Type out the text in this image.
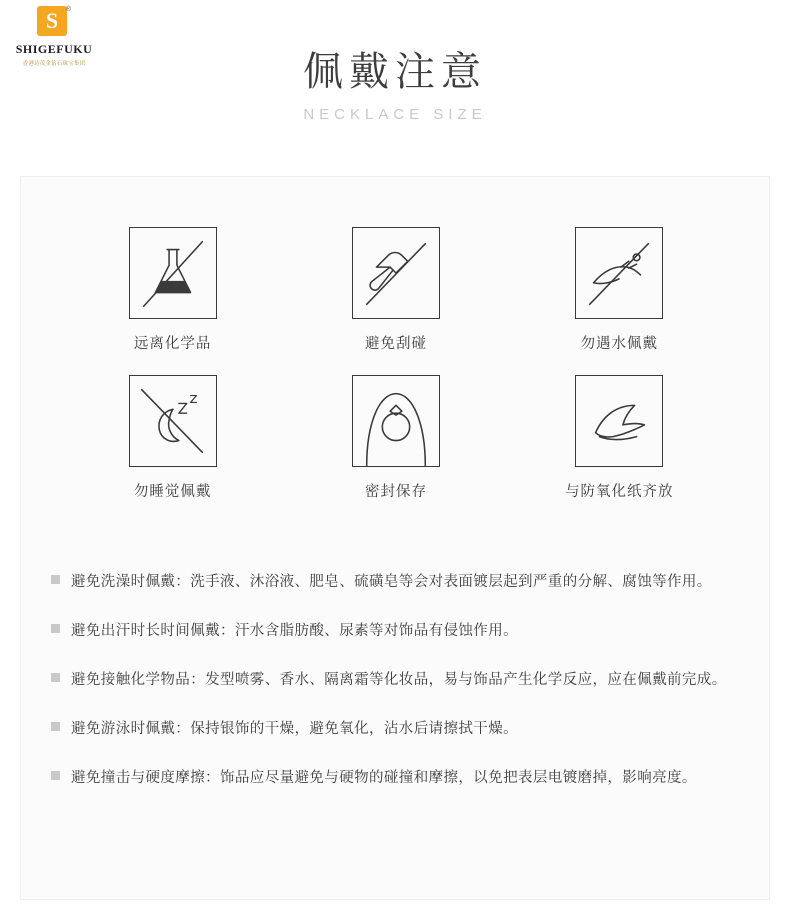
S	®
SHIGEFUKU
香港诗茂金钻石珠宝集团	佩戴注意
NECKLACE SIZE
远离化学品	避免刮碰	勿遇水佩戴
勿睡觉佩戴	密封保存	与防氧化纸齐放
避免洗澡时佩戴：洗手液、沐浴液、肥皂、硫磺皂等会对表面镀层起到严重的分解、腐蚀等作用。
避免出汗时长时间佩戴：汗水含脂肪酸、尿素等对饰品有侵蚀作用。
避免接触化学物品：发型喷雾、香水、隔离霜等化妆品，易与饰品产生化学反应，应在佩戴前完成。
避免游泳时佩戴：保持银饰的干燥，避免氧化，沾水后请擦拭干燥。
避免撞击与硬度摩擦：饰品应尽量避免与硬物的碰撞和摩擦，以免把表层电镀磨掉，影响亮度。
